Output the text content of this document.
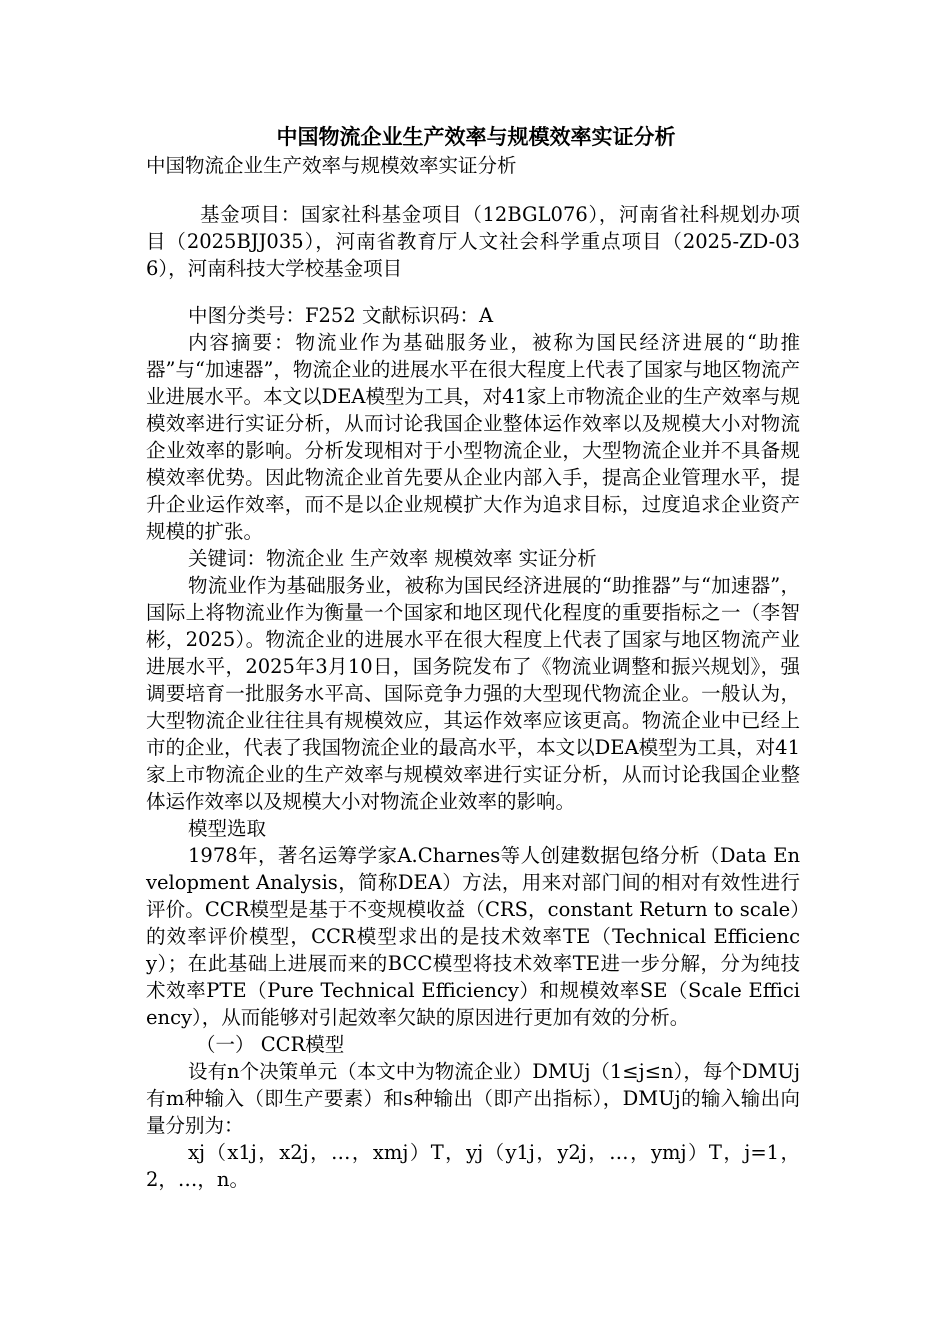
中国物流企业生产效率与规模效率实证分析
中国物流企业生产效率与规模效率实证分析

基金项目：国家社科基金项目（12BGL076），河南省社科规划办项目（2025BJJ035），河南省教育厅人文社会科学重点项目（2025-ZD-036），河南科技大学校基金项目

中图分类号：F252 文献标识码：A

内容摘要：物流业作为基础服务业，被称为国民经济进展的“助推器”与“加速器”，物流企业的进展水平在很大程度上代表了国家与地区物流产业进展水平。本文以DEA模型为工具，对41家上市物流企业的生产效率与规模效率进行实证分析，从而讨论我国企业整体运作效率以及规模大小对物流企业效率的影响。分析发现相对于小型物流企业，大型物流企业并不具备规模效率优势。因此物流企业首先要从企业内部入手，提高企业管理水平，提升企业运作效率，而不是以企业规模扩大作为追求目标，过度追求企业资产规模的扩张。

关键词：物流企业 生产效率 规模效率 实证分析

物流业作为基础服务业，被称为国民经济进展的“助推器”与“加速器”，国际上将物流业作为衡量一个国家和地区现代化程度的重要指标之一（李智彬，2025）。物流企业的进展水平在很大程度上代表了国家与地区物流产业进展水平，2025年3月10日，国务院发布了《物流业调整和振兴规划》，强调要培育一批服务水平高、国际竞争力强的大型现代物流企业。一般认为，大型物流企业往往具有规模效应，其运作效率应该更高。物流企业中已经上市的企业，代表了我国物流企业的最高水平，本文以DEA模型为工具，对41家上市物流企业的生产效率与规模效率进行实证分析，从而讨论我国企业整体运作效率以及规模大小对物流企业效率的影响。

模型选取

1978年，著名运筹学家A.Charnes等人创建数据包络分析（Data Envelopment Analysis，简称DEA）方法，用来对部门间的相对有效性进行评价。CCR模型是基于不变规模收益（CRS，constant Return to scale）的效率评价模型，CCR模型求出的是技术效率TE（Technical Efficiency）；在此基础上进展而来的BCC模型将技术效率TE进一步分解，分为纯技术效率PTE（Pure Technical Efficiency）和规模效率SE（Scale Efficiency），从而能够对引起效率欠缺的原因进行更加有效的分析。

（一） CCR模型

设有n个决策单元（本文中为物流企业）DMUj（1≤j≤n），每个DMUj有m种输入（即生产要素）和s种输出（即产出指标），DMUj的输入输出向量分别为：

xj（x1j，x2j，…，xmj）T，yj（y1j，y2j，…，ymj）T，j=1，2，…，n。
